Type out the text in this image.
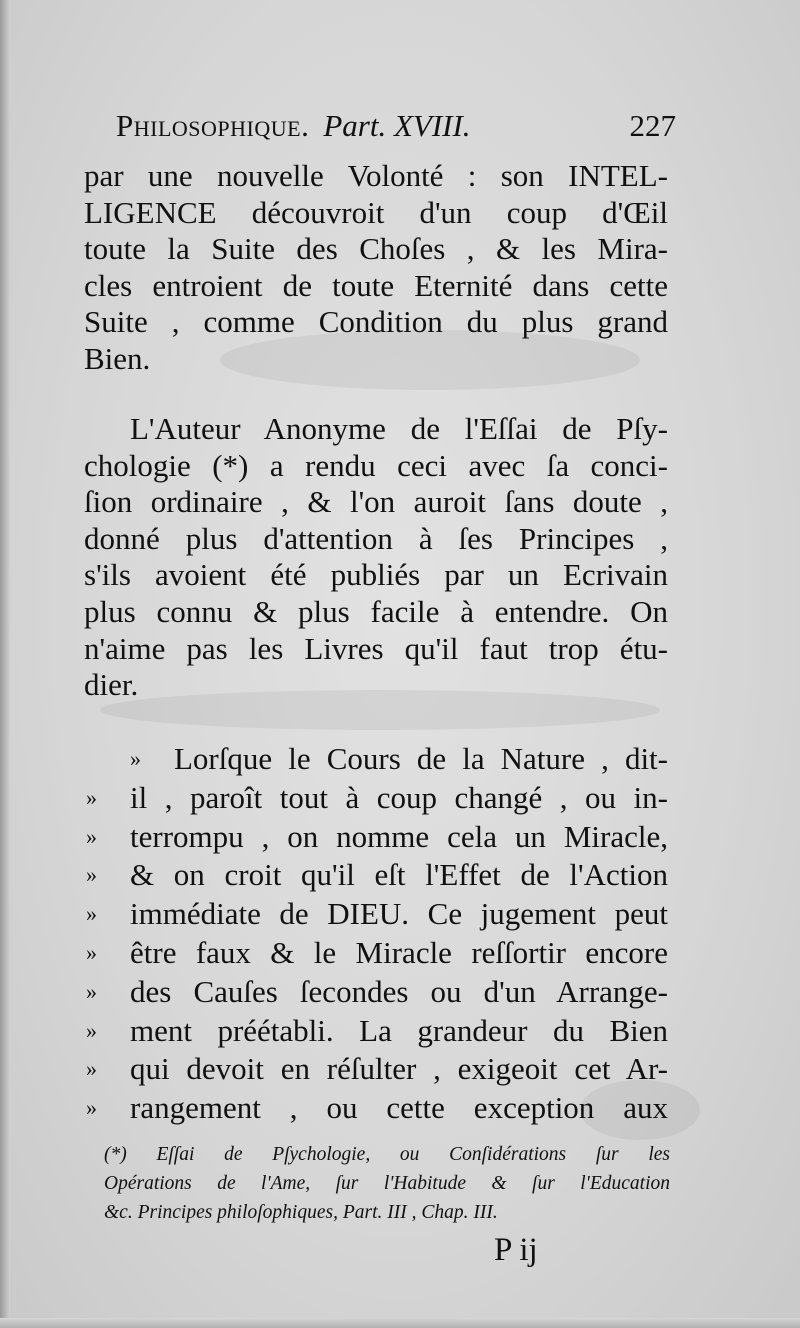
Philosophique. Part. XVIII.	227
par une nouvelle Volonté : son INTEL-
LIGENCE découvroit d'un coup d'Œil
toute la Suite des Choſes , & les Mira-
cles entroient de toute Eternité dans cette
Suite , comme Condition du plus grand
Bien.
L'Auteur Anonyme de l'Eſſai de Pſy-
chologie (*) a rendu ceci avec ſa conci-
ſion ordinaire , & l'on auroit ſans doute ,
donné plus d'attention à ſes Principes ,
s'ils avoient été publiés par un Ecrivain
plus connu & plus facile à entendre. On
n'aime pas les Livres qu'il faut trop étu-
dier.
»	Lorſque le Cours de la Nature , dit-
»	il , paroît tout à coup changé , ou in-
»	terrompu , on nomme cela un Miracle,
»	& on croit qu'il eſt l'Effet de l'Action
»	immédiate de DIEU. Ce jugement peut
»	être faux & le Miracle reſſortir encore
»	des Cauſes ſecondes ou d'un Arrange-
»	ment préétabli. La grandeur du Bien
»	qui devoit en réſulter , exigeoit cet Ar-
»	rangement , ou cette exception aux
(*) Eſſai de Pſychologie, ou Conſidérations ſur les
Opérations de l'Ame, ſur l'Habitude & ſur l'Education
&c. Principes philoſophiques, Part. III , Chap. III.
P ij
